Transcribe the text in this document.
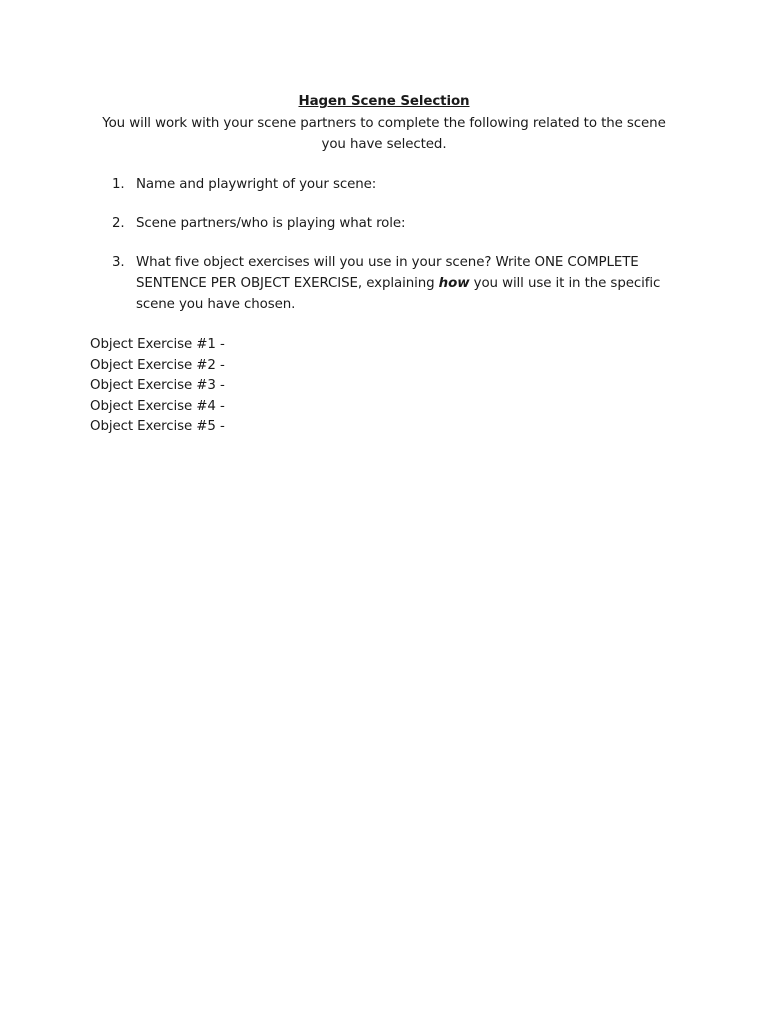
Hagen Scene Selection
You will work with your scene partners to complete the following related to the scene you have selected.
1. Name and playwright of your scene:
2. Scene partners/who is playing what role:
3. What five object exercises will you use in your scene? Write ONE COMPLETE SENTENCE PER OBJECT EXERCISE, explaining how you will use it in the specific scene you have chosen.
Object Exercise #1 -
Object Exercise #2 -
Object Exercise #3 -
Object Exercise #4 -
Object Exercise #5 -
